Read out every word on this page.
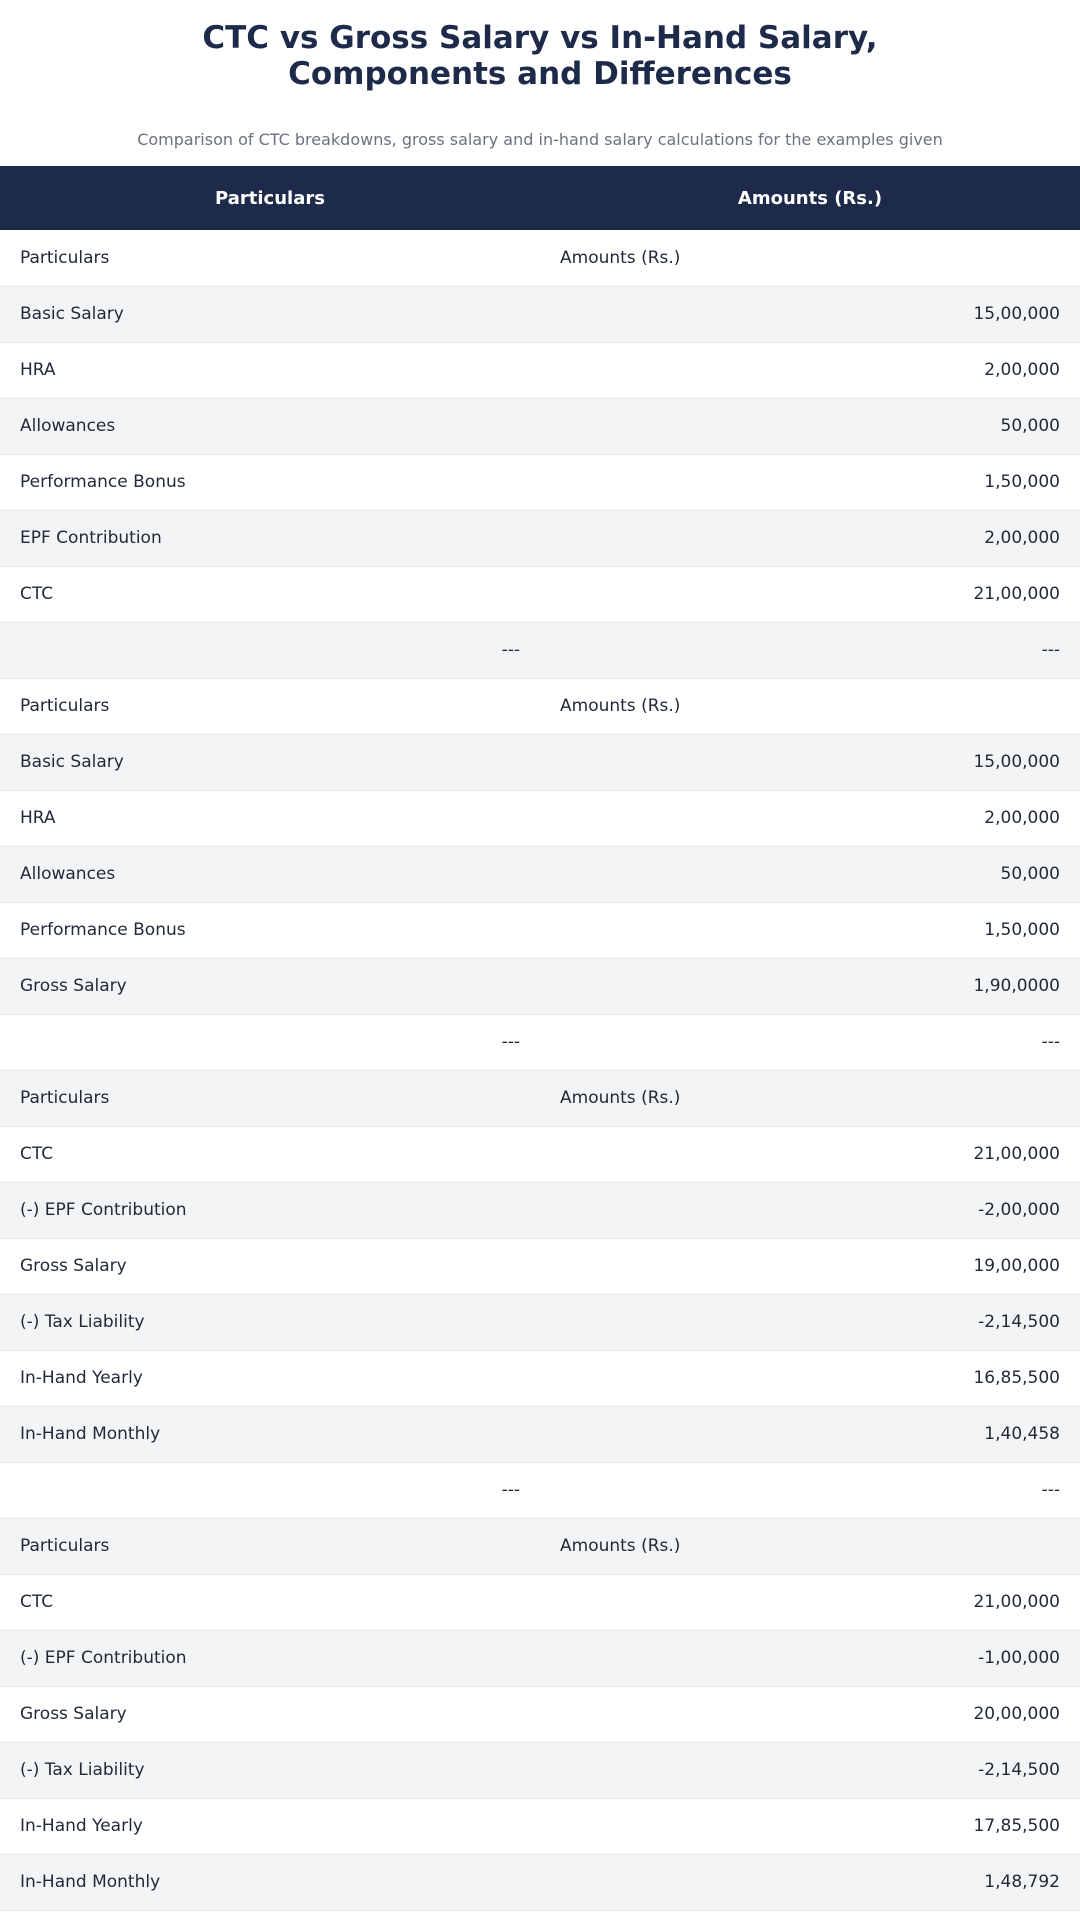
CTC vs Gross Salary vs In-Hand Salary,
Components and Differences
Comparison of CTC breakdowns, gross salary and in-hand salary calculations for the examples given
Particulars	Amounts (Rs.)
Particulars	Amounts (Rs.)
Basic Salary	15,00,000
HRA	2,00,000
Allowances	50,000
Performance Bonus	1,50,000
EPF Contribution	2,00,000
CTC	21,00,000
---	---
Particulars	Amounts (Rs.)
Basic Salary	15,00,000
HRA	2,00,000
Allowances	50,000
Performance Bonus	1,50,000
Gross Salary	1,90,0000
---	---
Particulars	Amounts (Rs.)
CTC	21,00,000
(-) EPF Contribution	-2,00,000
Gross Salary	19,00,000
(-) Tax Liability	-2,14,500
In-Hand Yearly	16,85,500
In-Hand Monthly	1,40,458
---	---
Particulars	Amounts (Rs.)
CTC	21,00,000
(-) EPF Contribution	-1,00,000
Gross Salary	20,00,000
(-) Tax Liability	-2,14,500
In-Hand Yearly	17,85,500
In-Hand Monthly	1,48,792
